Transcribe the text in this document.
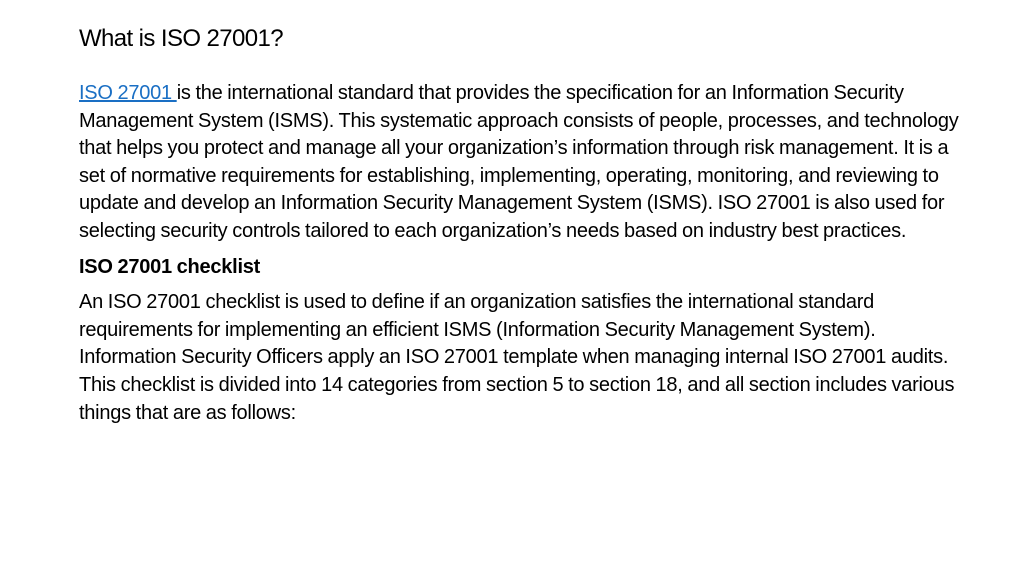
What is ISO 27001?

ISO 27001 is the international standard that provides the specification for an Information Security Management System (ISMS). This systematic approach consists of people, processes, and technology that helps you protect and manage all your organization’s information through risk management. It is a set of normative requirements for establishing, implementing, operating, monitoring, and reviewing to update and develop an Information Security Management System (ISMS). ISO 27001 is also used for selecting security controls tailored to each organization’s needs based on industry best practices.

ISO 27001 checklist

An ISO 27001 checklist is used to define if an organization satisfies the international standard requirements for implementing an efficient ISMS (Information Security Management System). Information Security Officers apply an ISO 27001 template when managing internal ISO 27001 audits. This checklist is divided into 14 categories from section 5 to section 18, and all section includes various things that are as follows:
